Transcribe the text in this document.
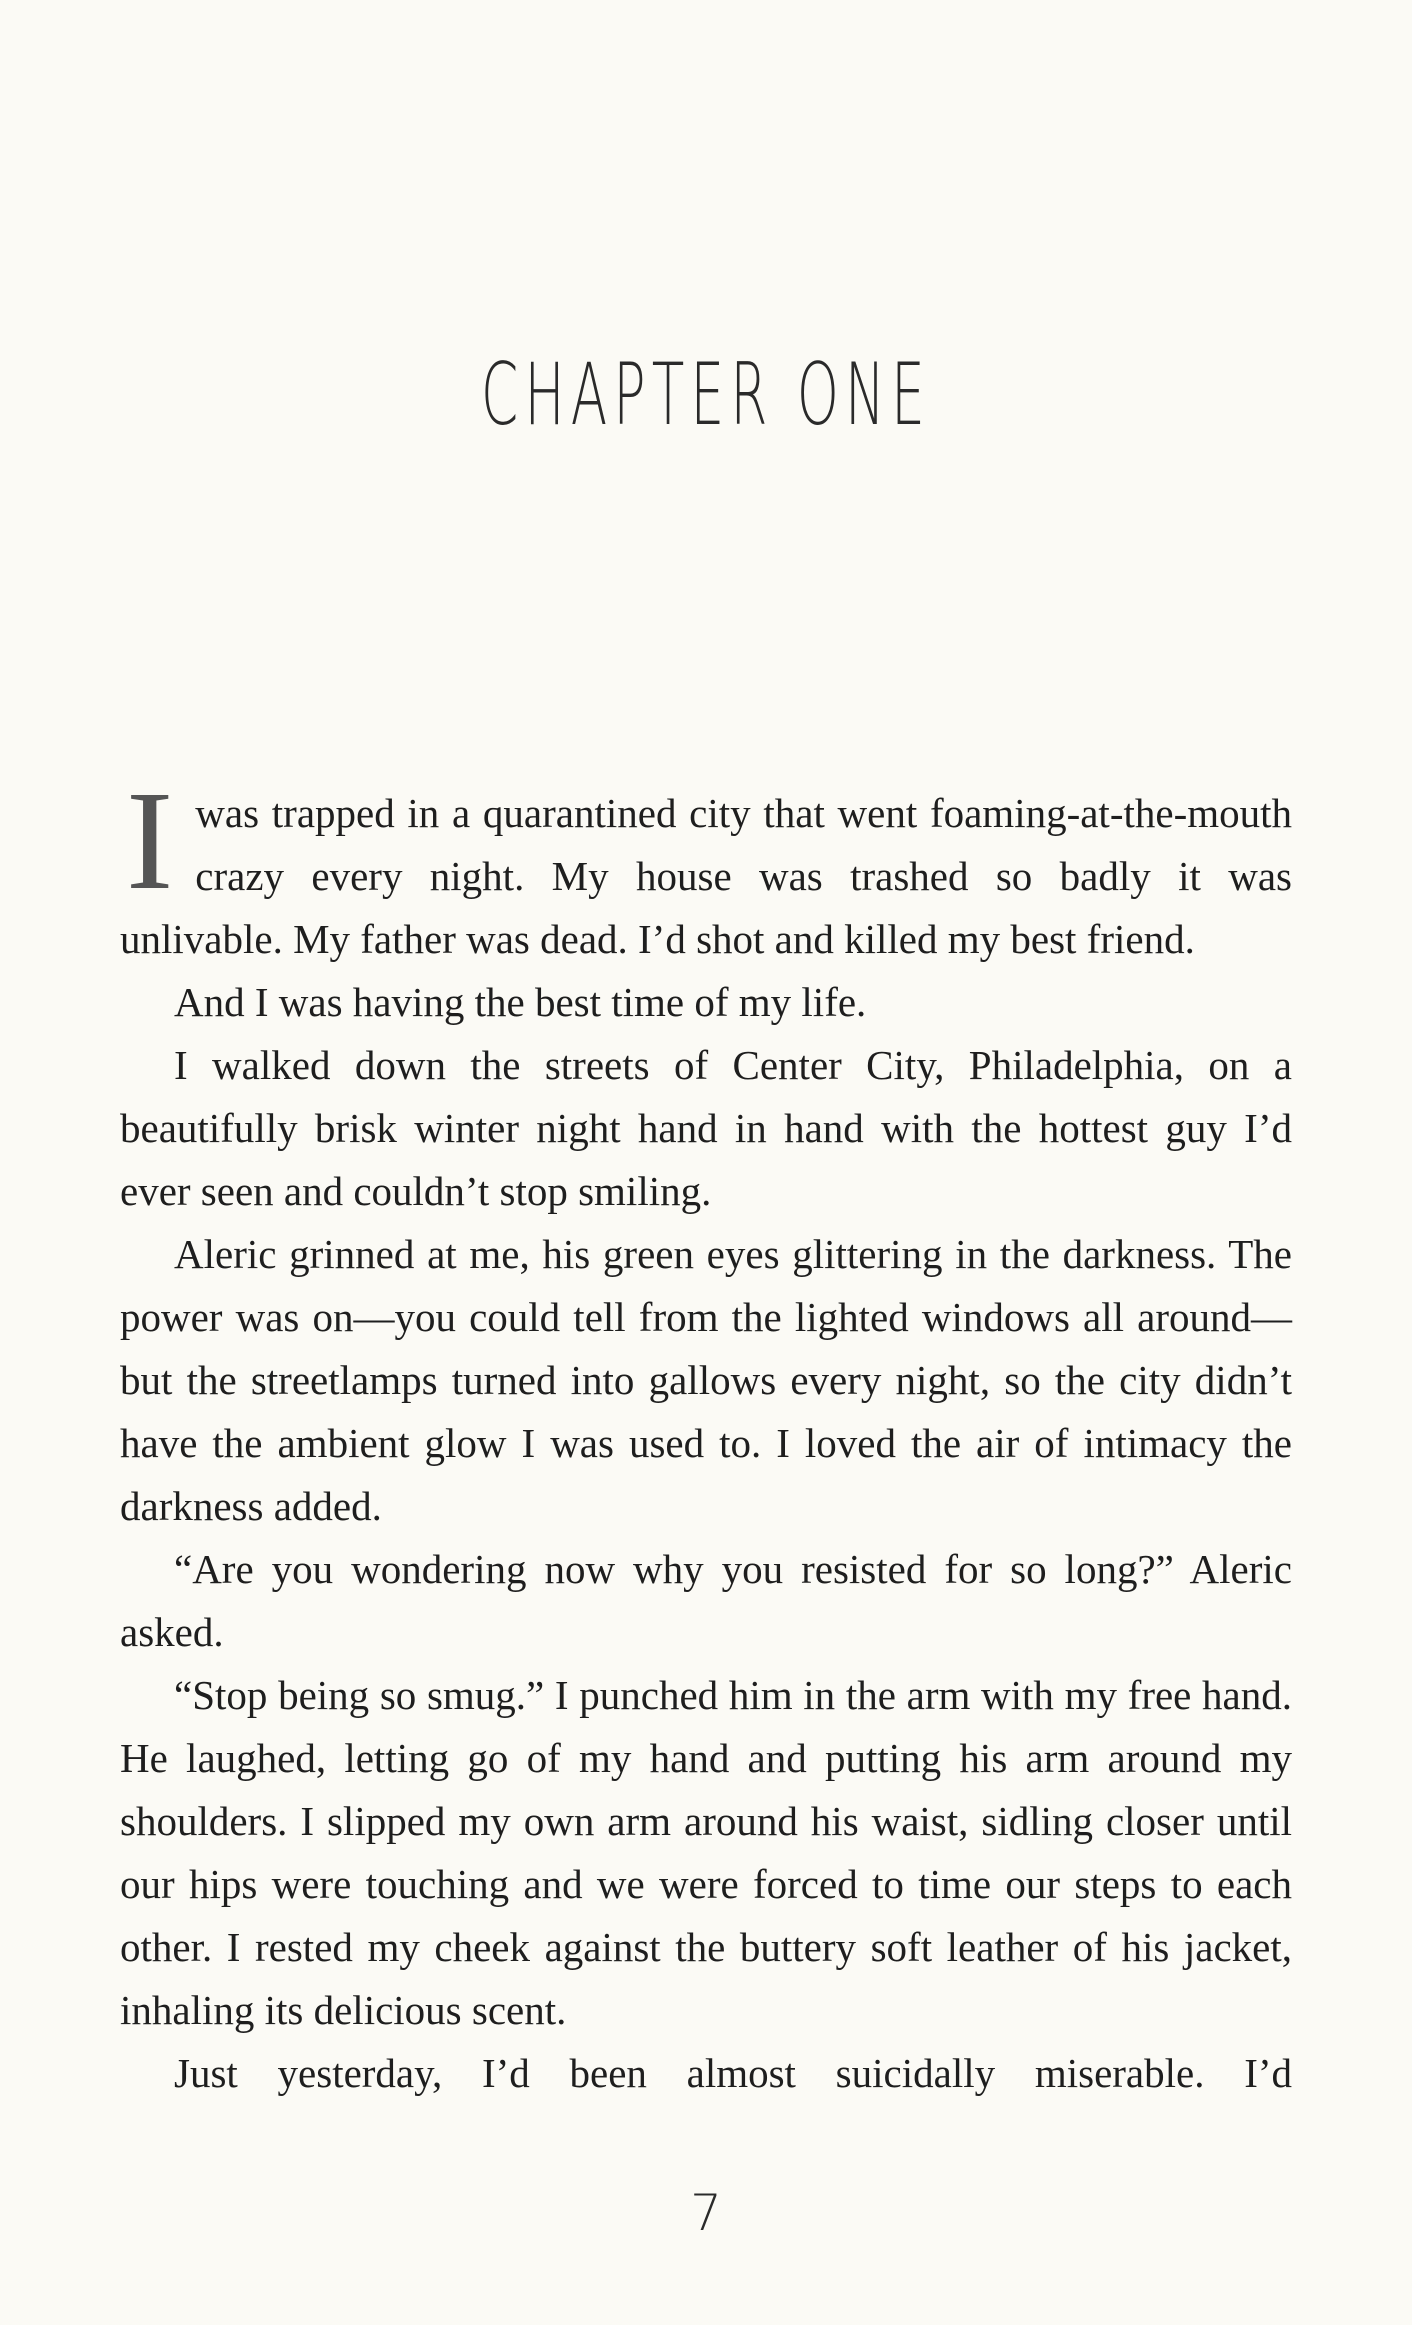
CHAPTER ONE

Iwas trapped in a quarantined city that went foaming-at-the-mouth crazy every night. My house was trashed so badly it was unlivable. My father was dead. I’d shot and killed my best friend.

And I was having the best time of my life.

I walked down the streets of Center City, Philadelphia, on a beautifully brisk winter night hand in hand with the hottest guy I’d ever seen and couldn’t stop smiling.

Aleric grinned at me, his green eyes glittering in the darkness. The power was on—you could tell from the lighted windows all around—but the streetlamps turned into gallows every night, so the city didn’t have the ambient glow I was used to. I loved the air of intimacy the darkness added.

“Are you wondering now why you resisted for so long?” Aleric asked.

“Stop being so smug.” I punched him in the arm with my free hand. He laughed, letting go of my hand and putting his arm around my shoulders. I slipped my own arm around his waist, sidling closer until our hips were touching and we were forced to time our steps to each other. I rested my cheek against the buttery soft leather of his jacket, inhaling its delicious scent.

Just yesterday, I’d been almost suicidally miserable. I’d

7
